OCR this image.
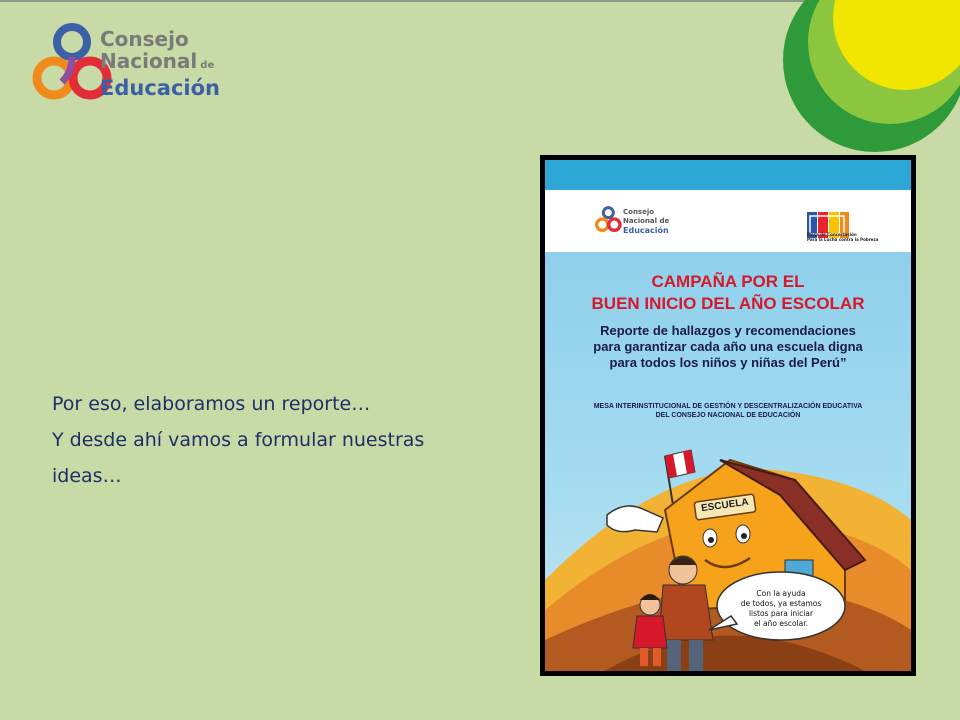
Consejo
Nacional de
Educación

Por eso, elaboramos un reporte…

Y desde ahí vamos a formular nuestras

ideas…

Consejo
Nacional de
Educación	Mesa de Concertación
Para la Lucha contra la Pobreza
CAMPAÑA POR EL
BUEN INICIO DEL AÑO ESCOLAR
Reporte de hallazgos y recomendaciones
para garantizar cada año una escuela digna
para todos los niños y niñas del Perú”
MESA INTERINSTITUCIONAL DE GESTIÓN Y DESCENTRALIZACIÓN EDUCATIVA
DEL CONSEJO NACIONAL DE EDUCACIÓN
ESCUELA
Con la ayuda
de todos, ya estamos
listos para iniciar
el año escolar.
